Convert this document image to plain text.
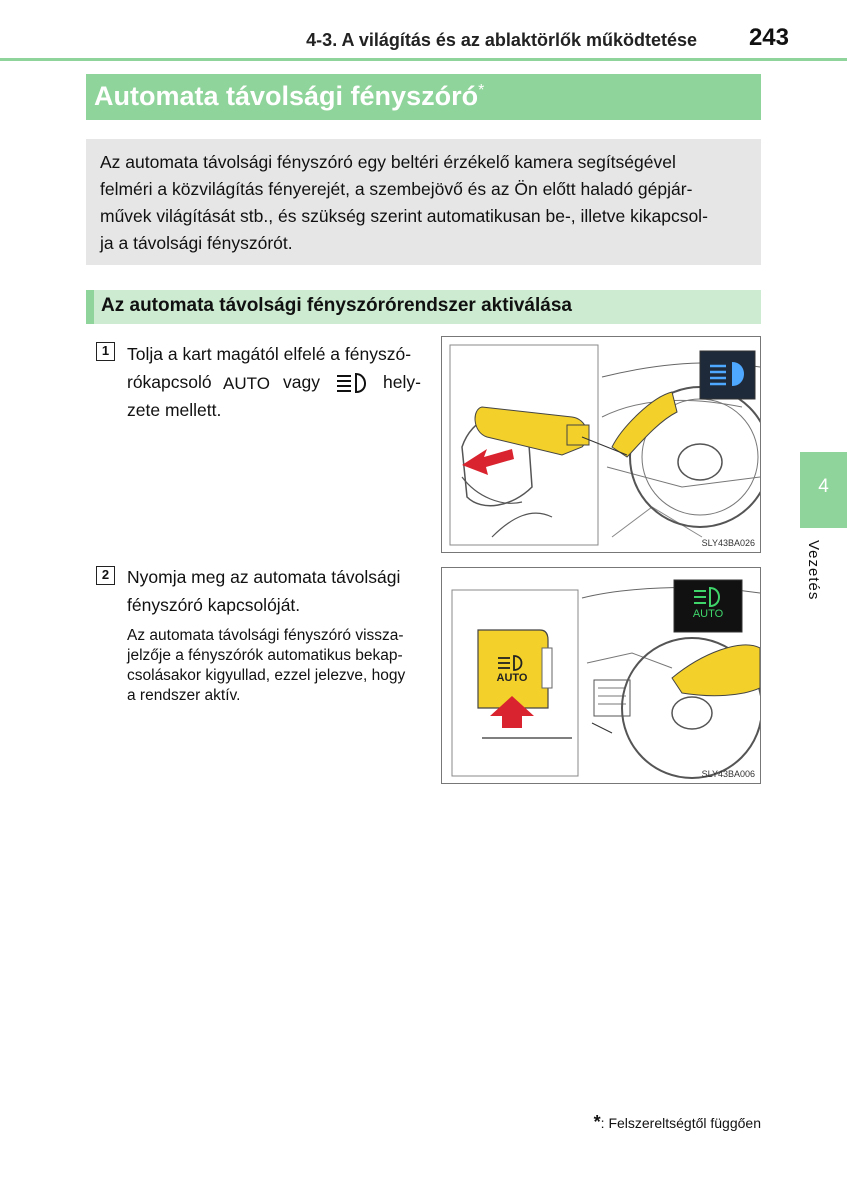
4-3. A világítás és az ablaktörlők működtetése 243
Automata távolsági fényszóró*
Az automata távolsági fényszóró egy beltéri érzékelő kamera segítségével
felméri a közvilágítás fényerejét, a szembejövő és az Ön előtt haladó gépjár-
művek világítását stb., és szükség szerint automatikusan be-, illetve kikapcsol-
ja a távolsági fényszórót.
Az automata távolsági fényszórórendszer aktiválása
1	Tolja a kart magától elfelé a fényszó-
rókapcsoló AUTO vagy	hely-
zete mellett.
SLY43BA026
2	Nyomja meg az automata távolsági
fényszóró kapcsolóját.
Az automata távolsági fényszóró vissza-
jelzője a fényszórók automatikus bekap-
csolásakor kigyullad, ezzel jelezve, hogy
a rendszer aktív.
AUTO
AUTO
SLY43BA006
4
Vezetés
*: Felszereltségtől függően
